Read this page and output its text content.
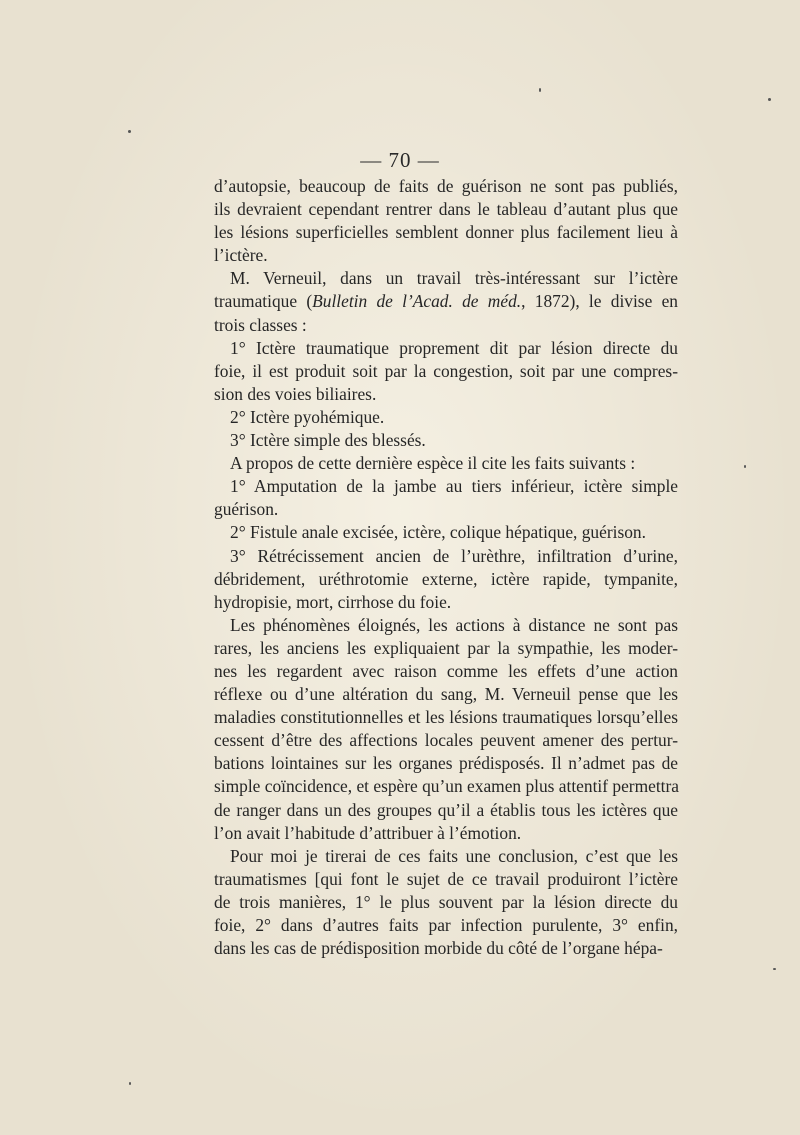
— 70 —
d’autopsie, beaucoup de faits de guérison ne sont pas publiés,
ils devraient cependant rentrer dans le tableau d’autant plus que
les lésions superficielles semblent donner plus facilement lieu à
l’ictère.
M. Verneuil, dans un travail très-intéressant sur l’ictère
traumatique (Bulletin de l’Acad. de méd., 1872), le divise en
trois classes :
1° Ictère traumatique proprement dit par lésion directe du
foie, il est produit soit par la congestion, soit par une compres-
sion des voies biliaires.
2° Ictère pyohémique.
3° Ictère simple des blessés.
A propos de cette dernière espèce il cite les faits suivants :
1° Amputation de la jambe au tiers inférieur, ictère simple
guérison.
2° Fistule anale excisée, ictère, colique hépatique, guérison.
3° Rétrécissement ancien de l’urèthre, infiltration d’urine,
débridement, uréthrotomie externe, ictère rapide, tympanite,
hydropisie, mort, cirrhose du foie.
Les phénomènes éloignés, les actions à distance ne sont pas
rares, les anciens les expliquaient par la sympathie, les moder-
nes les regardent avec raison comme les effets d’une action
réflexe ou d’une altération du sang, M. Verneuil pense que les
maladies constitutionnelles et les lésions traumatiques lorsqu’elles
cessent d’être des affections locales peuvent amener des pertur-
bations lointaines sur les organes prédisposés. Il n’admet pas de
simple coïncidence, et espère qu’un examen plus attentif permettra
de ranger dans un des groupes qu’il a établis tous les ictères que
l’on avait l’habitude d’attribuer à l’émotion.
Pour moi je tirerai de ces faits une conclusion, c’est que les
traumatismes [qui font le sujet de ce travail produiront l’ictère
de trois manières, 1° le plus souvent par la lésion directe du
foie, 2° dans d’autres faits par infection purulente, 3° enfin,
dans les cas de prédisposition morbide du côté de l’organe hépa-
